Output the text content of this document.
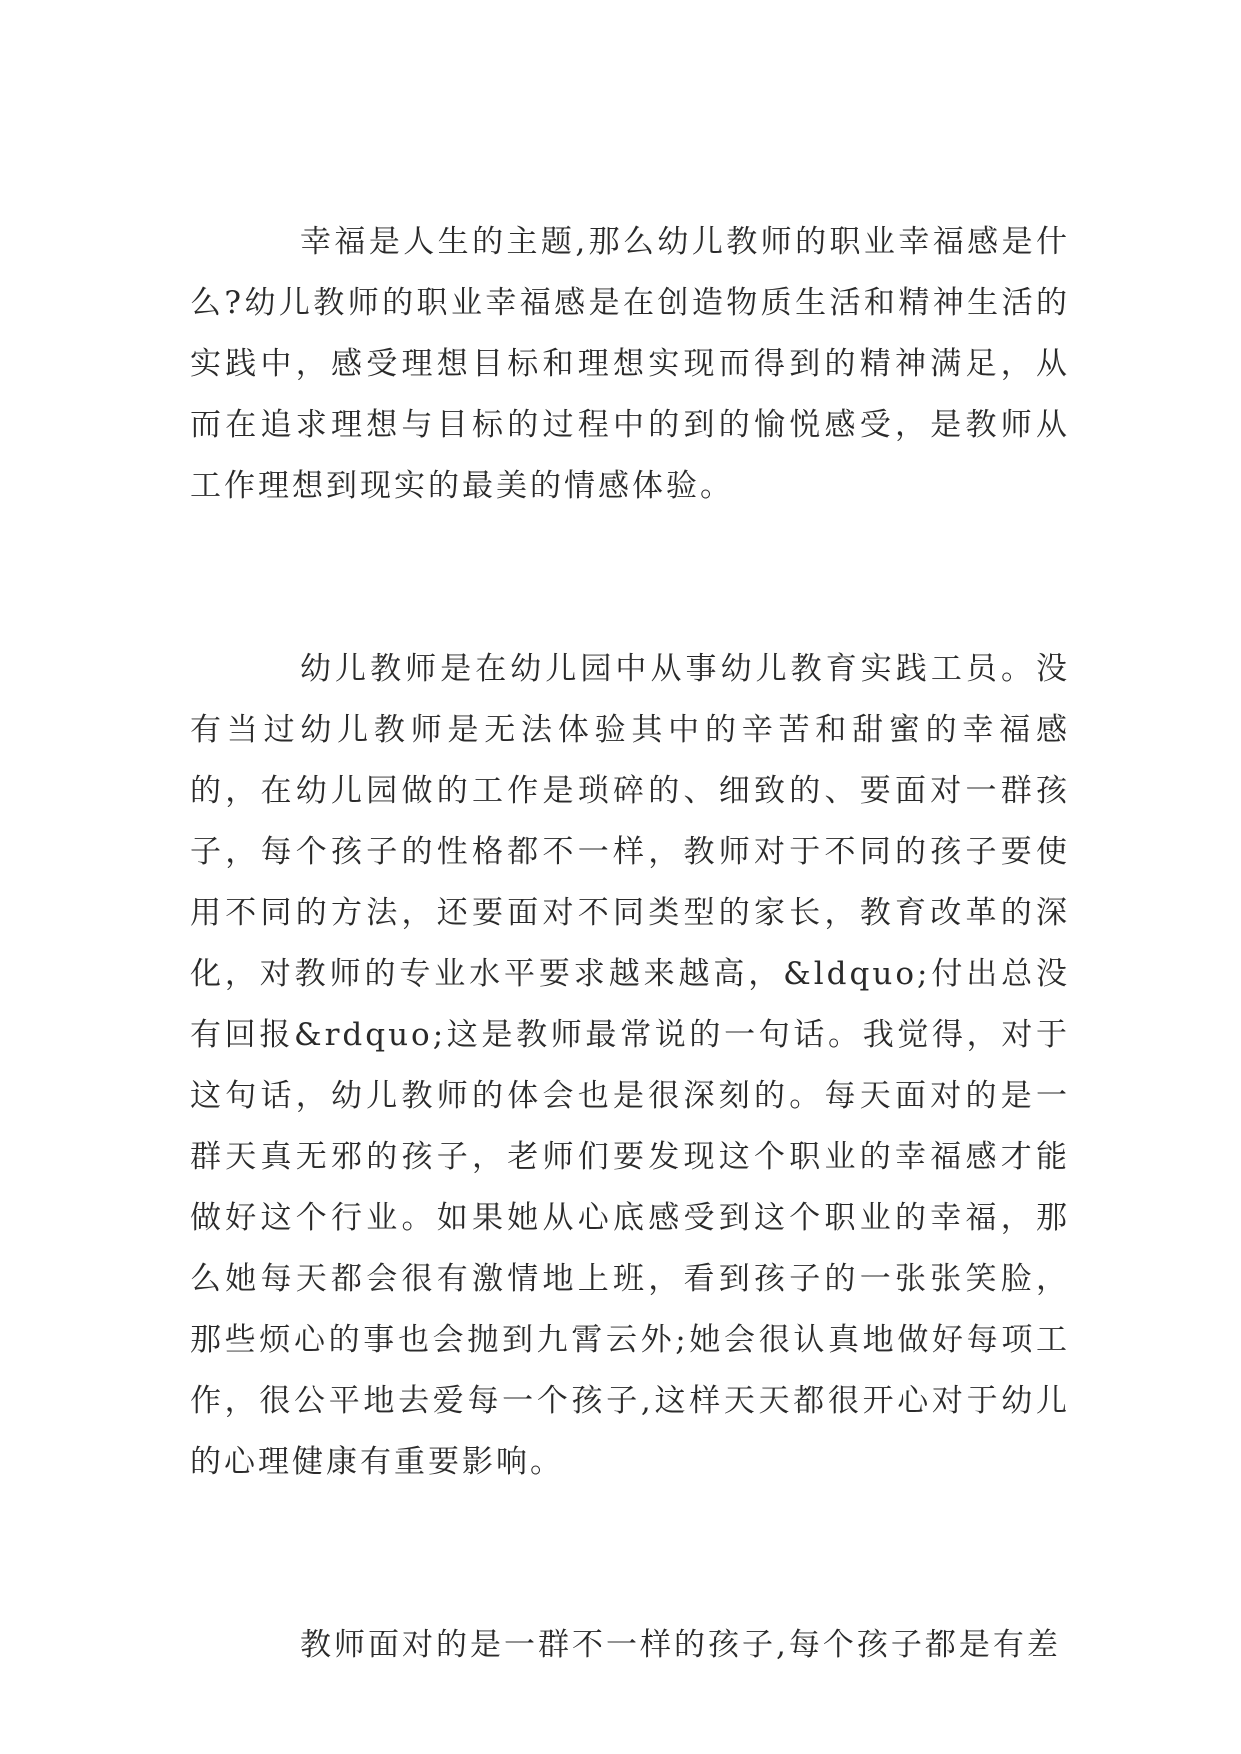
幸福是人生的主题,那么幼儿教师的职业幸福感是什么?幼儿教师的职业幸福感是在创造物质生活和精神生活的实践中，感受理想目标和理想实现而得到的精神满足，从而在追求理想与目标的过程中的到的愉悦感受，是教师从工作理想到现实的最美的情感体验。

幼儿教师是在幼儿园中从事幼儿教育实践工员。没有当过幼儿教师是无法体验其中的辛苦和甜蜜的幸福感的，在幼儿园做的工作是琐碎的、细致的、要面对一群孩子，每个孩子的性格都不一样，教师对于不同的孩子要使用不同的方法，还要面对不同类型的家长，教育改革的深化，对教师的专业水平要求越来越高，&ldquo;付出总没有回报&rdquo;这是教师最常说的一句话。我觉得，对于这句话，幼儿教师的体会也是很深刻的。每天面对的是一群天真无邪的孩子，老师们要发现这个职业的幸福感才能做好这个行业。如果她从心底感受到这个职业的幸福，那么她每天都会很有激情地上班，看到孩子的一张张笑脸，那些烦心的事也会抛到九霄云外;她会很认真地做好每项工作，很公平地去爱每一个孩子,这样天天都很开心对于幼儿的心理健康有重要影响。

教师面对的是一群不一样的孩子,每个孩子都是有差
